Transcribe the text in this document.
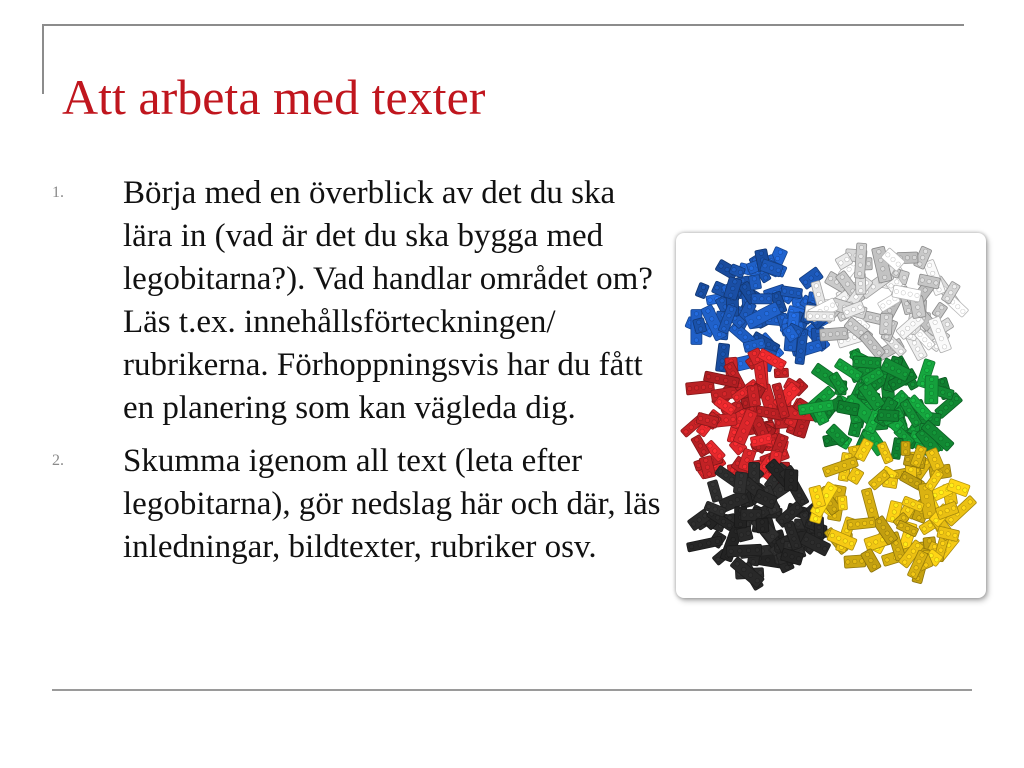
Att arbeta med texter
1. Börja med en överblick av det du ska lära in (vad är det du ska bygga med legobitarna?). Vad handlar området om? Läs t.ex. innehållsförteckningen/ rubrikerna. Förhoppningsvis har du fått en planering som kan vägleda dig.
2. Skumma igenom all text (leta efter legobitarna), gör nedslag här och där, läs inledningar, bildtexter, rubriker osv.
